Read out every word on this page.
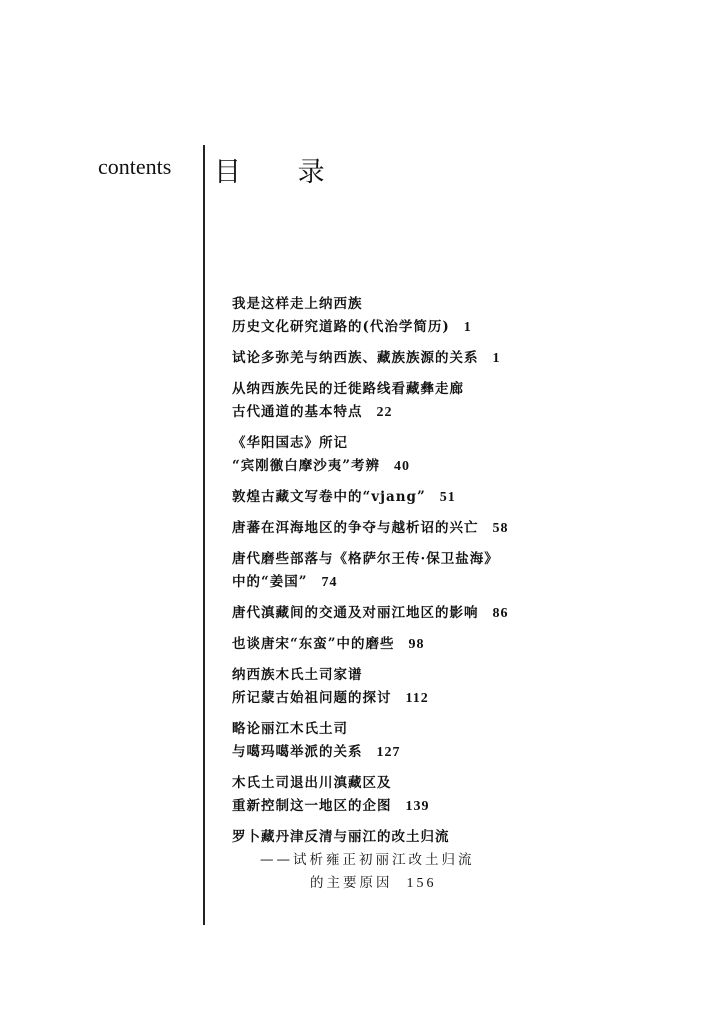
contents 目 录
我是这样走上纳西族
历史文化研究道路的(代治学简历) 1
试论多弥羌与纳西族、藏族族源的关系 1
从纳西族先民的迁徙路线看藏彝走廊
古代通道的基本特点 22
《华阳国志》所记
“宾刚徼白摩沙夷”考辨 40
敦煌古藏文写卷中的“vjang” 51
唐蕃在洱海地区的争夺与越析诏的兴亡 58
唐代磨些部落与《格萨尔王传·保卫盐海》
中的“姜国” 74
唐代滇藏间的交通及对丽江地区的影响 86
也谈唐宋“东蛮”中的磨些 98
纳西族木氏土司家谱
所记蒙古始祖问题的探讨 112
略论丽江木氏土司
与噶玛噶举派的关系 127
木氏土司退出川滇藏区及
重新控制这一地区的企图 139
罗卜藏丹津反清与丽江的改土归流
——试析雍正初丽江改土归流
的主要原因 156
